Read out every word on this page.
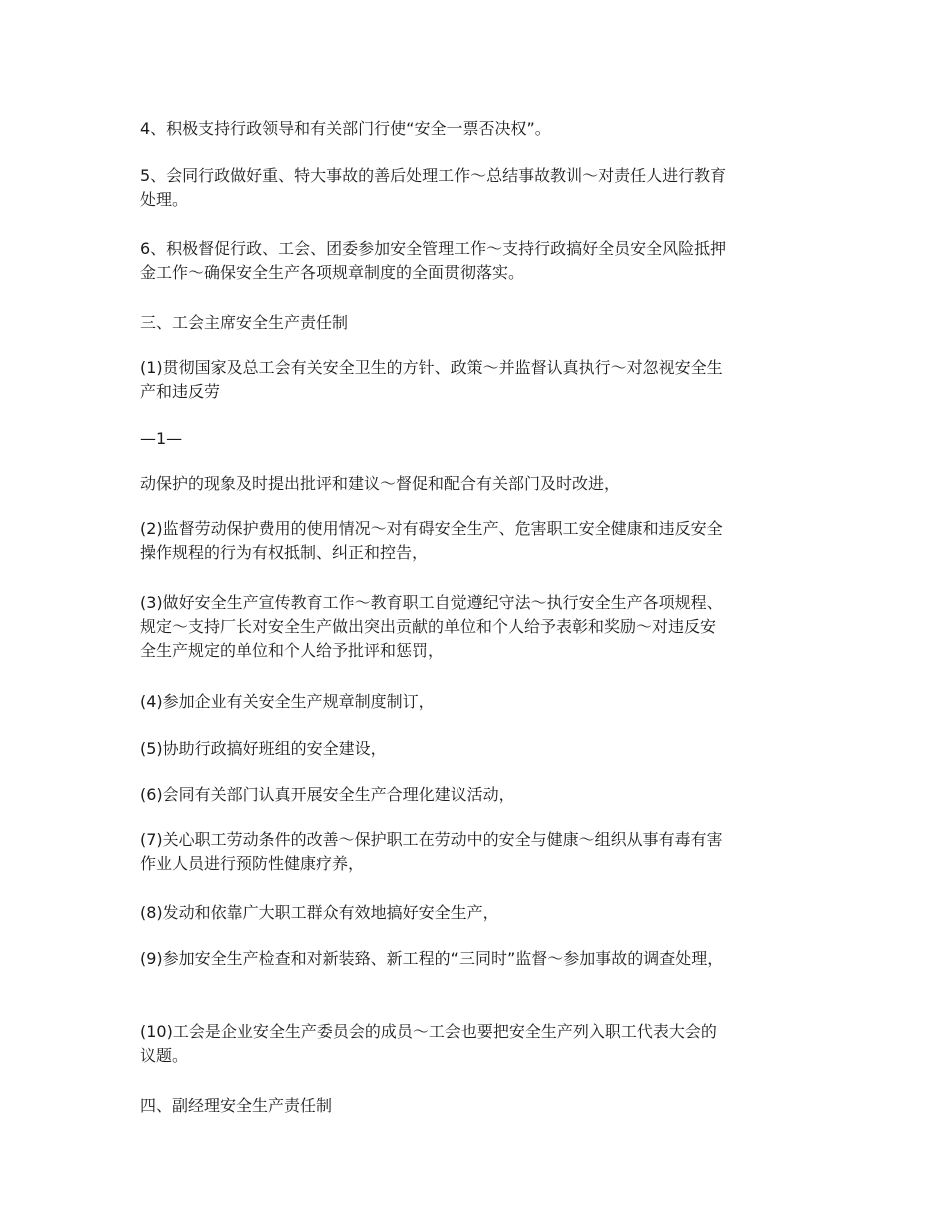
4、积极支持行政领导和有关部门行使“安全一票否决权”。

5、会同行政做好重、特大事故的善后处理工作～总结事故教训～对责任人进行教育
处理。

6、积极督促行政、工会、团委参加安全管理工作～支持行政搞好全员安全风险抵押
金工作～确保安全生产各项规章制度的全面贯彻落实。

三、工会主席安全生产责任制

(1)贯彻国家及总工会有关安全卫生的方针、政策～并监督认真执行～对忽视安全生
产和违反劳

—1—

动保护的现象及时提出批评和建议～督促和配合有关部门及时改进，

(2)监督劳动保护费用的使用情况～对有碍安全生产、危害职工安全健康和违反安全
操作规程的行为有权抵制、纠正和控告，

(3)做好安全生产宣传教育工作～教育职工自觉遵纪守法～执行安全生产各项规程、
规定～支持厂长对安全生产做出突出贡献的单位和个人给予表彰和奖励～对违反安
全生产规定的单位和个人给予批评和惩罚，

(4)参加企业有关安全生产规章制度制订，

(5)协助行政搞好班组的安全建设，

(6)会同有关部门认真开展安全生产合理化建议活动，

(7)关心职工劳动条件的改善～保护职工在劳动中的安全与健康～组织从事有毒有害
作业人员进行预防性健康疗养，

(8)发动和依靠广大职工群众有效地搞好安全生产，

(9)参加安全生产检查和对新装臵、新工程的“三同时”监督～参加事故的调查处理，

(10)工会是企业安全生产委员会的成员～工会也要把安全生产列入职工代表大会的
议题。

四、副经理安全生产责任制
